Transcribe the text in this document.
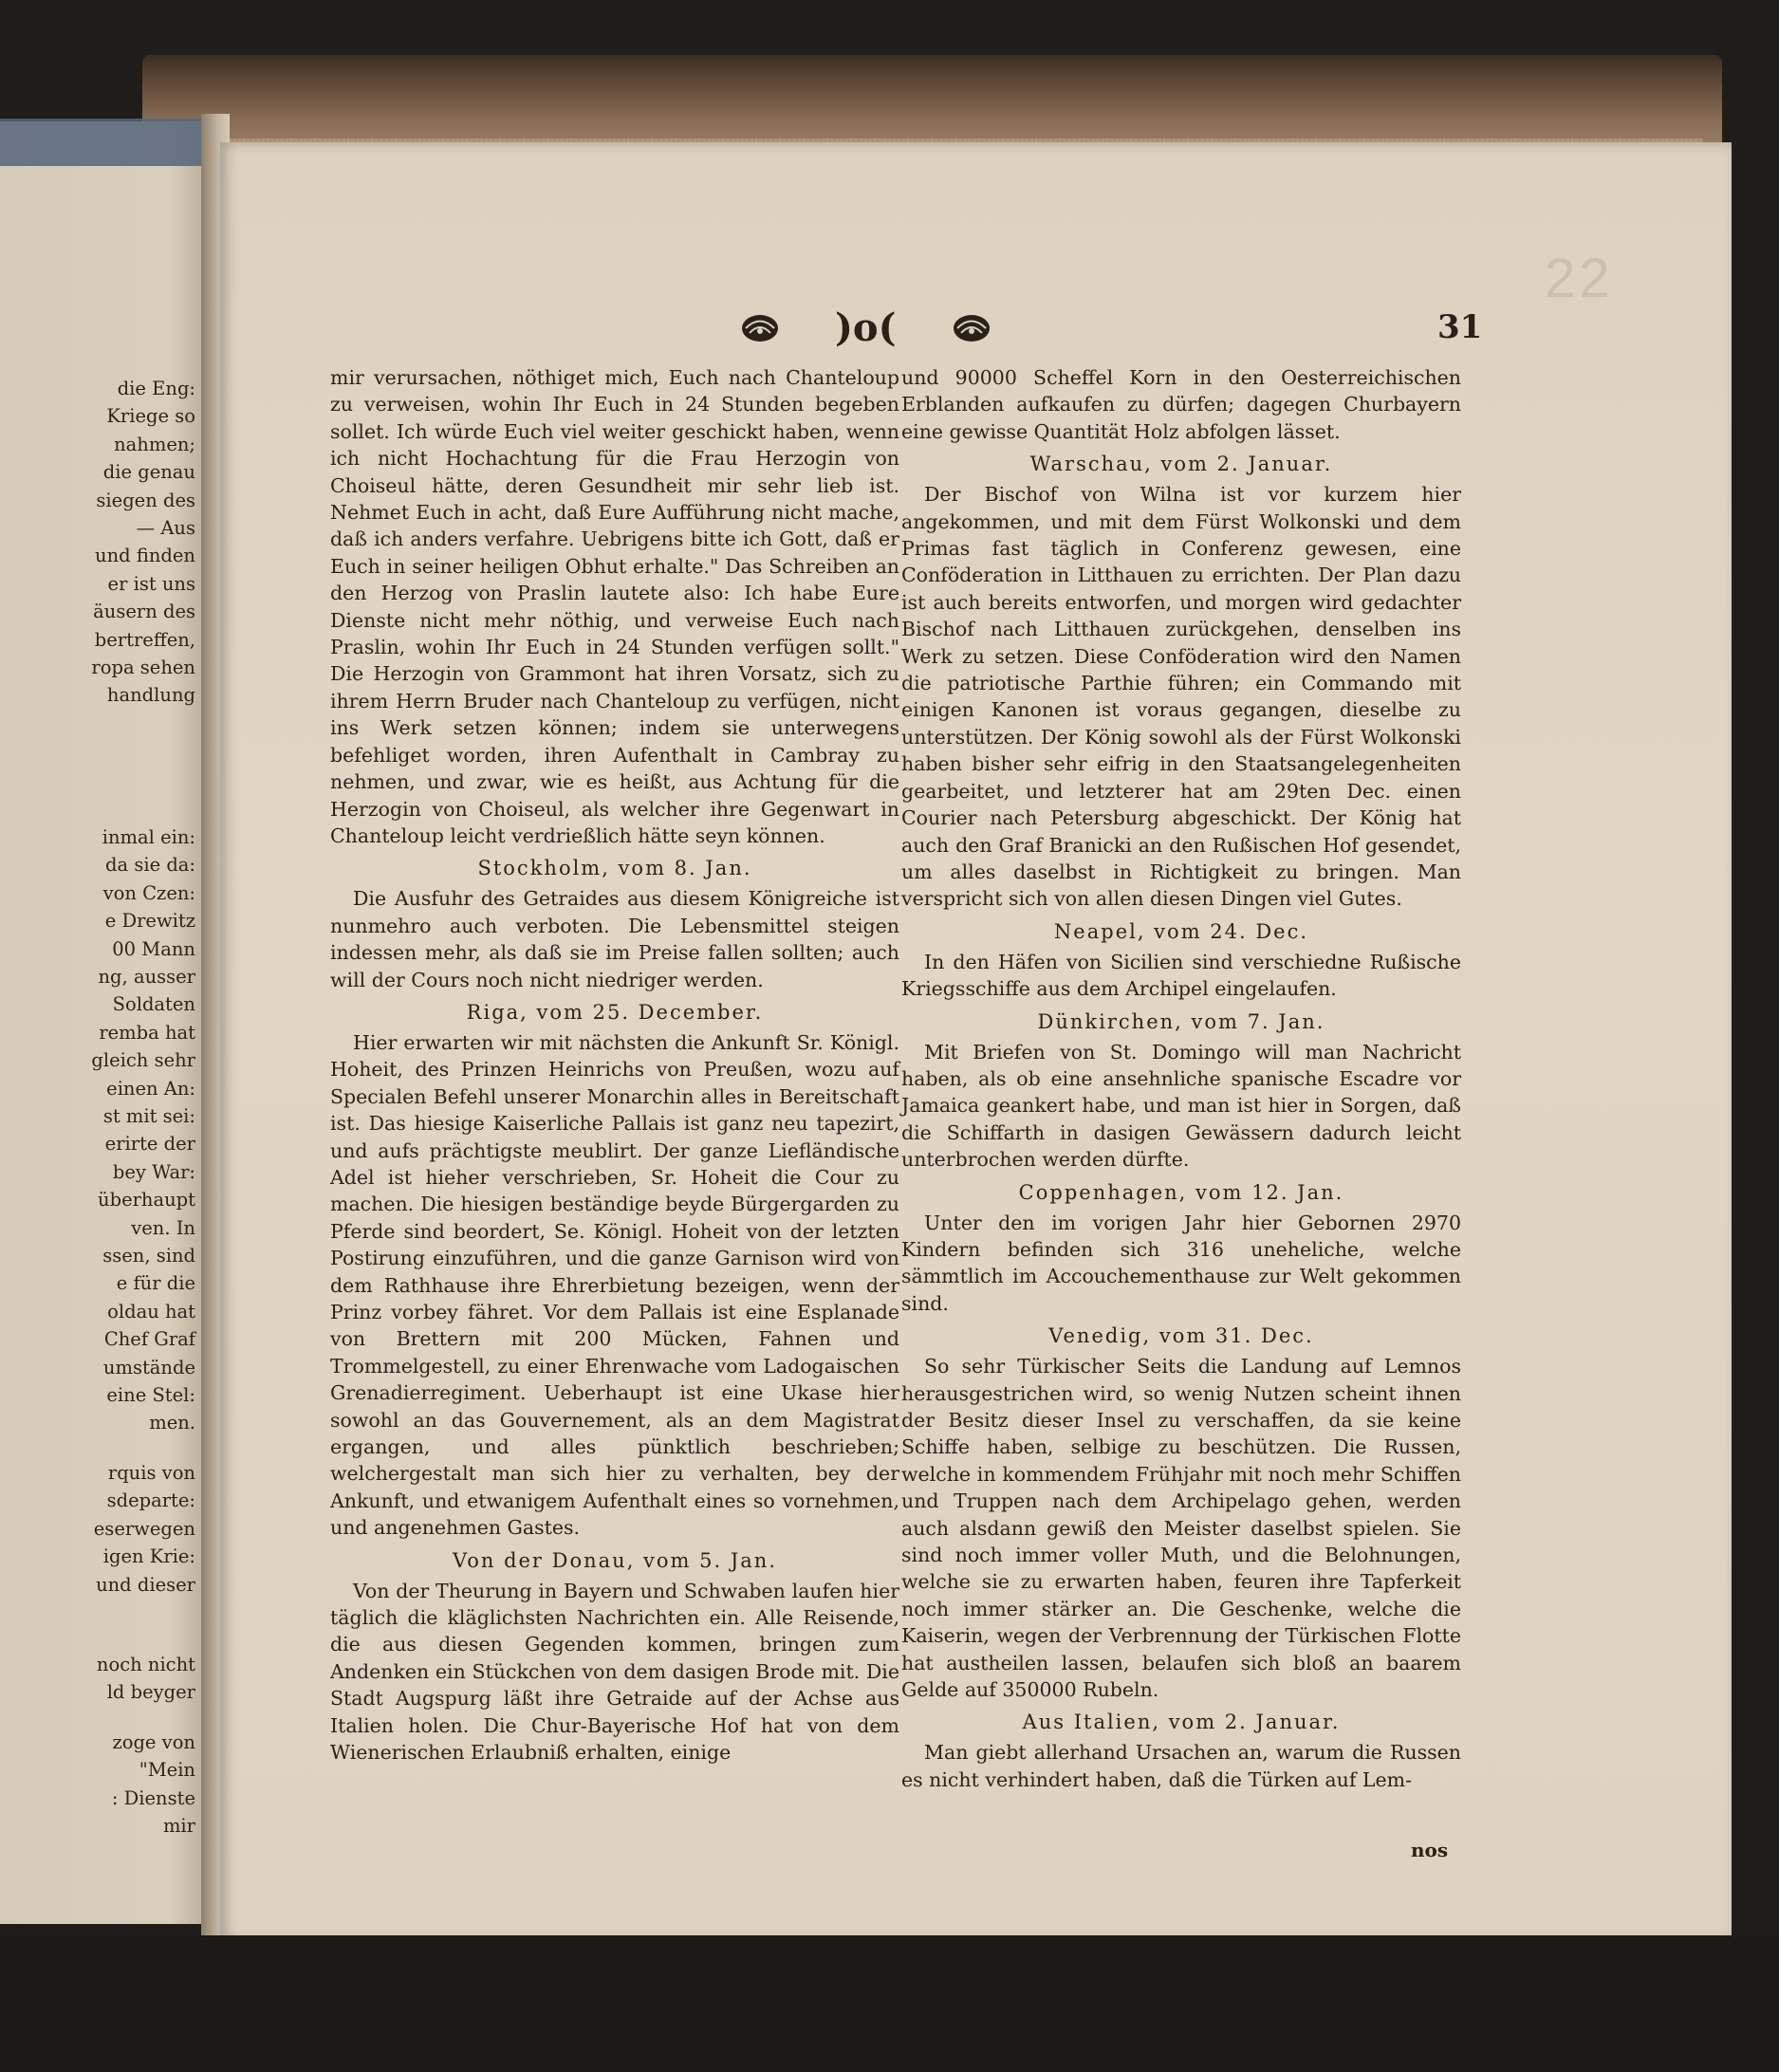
die Eng:
Kriege so
nahmen;
die genau
siegen des
— Aus
und finden
er ist uns
äusern des
bertreffen,
ropa sehen
handlung
inmal ein:
da sie da:
von Czen:
e Drewitz
00 Mann
ng, ausser
Soldaten
remba hat
gleich sehr
einen An:
st mit sei:
erirte der
bey War:
überhaupt
ven. In
ssen, sind
e für die
oldau hat
Chef Graf
umstände
eine Stel:
men.
rquis von
sdeparte:
eserwegen
igen Krie:
und dieser
noch nicht
ld beyger
zoge von
"Mein
: Dienste
mir
22
)o(	31

mir verursachen, nöthiget mich, Euch nach Chanteloup zu verweisen, wohin Ihr Euch in 24 Stunden begeben sollet. Ich würde Euch viel weiter geschickt haben, wenn ich nicht Hochachtung für die Frau Herzogin von Choiseul hätte, deren Gesundheit mir sehr lieb ist. Nehmet Euch in acht, daß Eure Aufführung nicht mache, daß ich anders verfahre. Uebrigens bitte ich Gott, daß er Euch in seiner heiligen Obhut erhalte." Das Schreiben an den Herzog von Praslin lautete also: Ich habe Eure Dienste nicht mehr nöthig, und verweise Euch nach Praslin, wohin Ihr Euch in 24 Stunden verfügen sollt." Die Herzogin von Grammont hat ihren Vorsatz, sich zu ihrem Herrn Bruder nach Chanteloup zu verfügen, nicht ins Werk setzen können; indem sie unterwegens befehliget worden, ihren Aufenthalt in Cambray zu nehmen, und zwar, wie es heißt, aus Achtung für die Herzogin von Choiseul, als welcher ihre Gegenwart in Chanteloup leicht verdrießlich hätte seyn können.

Stockholm, vom 8. Jan.

Die Ausfuhr des Getraides aus diesem Königreiche ist nunmehro auch verboten. Die Lebensmittel steigen indessen mehr, als daß sie im Preise fallen sollten; auch will der Cours noch nicht niedriger werden.

Riga, vom 25. December.

Hier erwarten wir mit nächsten die Ankunft Sr. Königl. Hoheit, des Prinzen Heinrichs von Preußen, wozu auf Specialen Befehl unserer Monarchin alles in Bereitschaft ist. Das hiesige Kaiserliche Pallais ist ganz neu tapezirt, und aufs prächtigste meublirt. Der ganze Liefländische Adel ist hieher verschrieben, Sr. Hoheit die Cour zu machen. Die hiesigen beständige beyde Bürgergarden zu Pferde sind beordert, Se. Königl. Hoheit von der letzten Postirung einzuführen, und die ganze Garnison wird von dem Rathhause ihre Ehrerbietung bezeigen, wenn der Prinz vorbey fähret. Vor dem Pallais ist eine Esplanade von Brettern mit 200 Mücken, Fahnen und Trommelgestell, zu einer Ehrenwache vom Ladogaischen Grenadierregiment. Ueberhaupt ist eine Ukase hier sowohl an das Gouvernement, als an dem Magistrat ergangen, und alles pünktlich beschrieben; welchergestalt man sich hier zu verhalten, bey der Ankunft, und etwanigem Aufenthalt eines so vornehmen, und angenehmen Gastes.

Von der Donau, vom 5. Jan.

Von der Theurung in Bayern und Schwaben laufen hier täglich die kläglichsten Nachrichten ein. Alle Reisende, die aus diesen Gegenden kommen, bringen zum Andenken ein Stückchen von dem dasigen Brode mit. Die Stadt Augspurg läßt ihre Getraide auf der Achse aus Italien holen. Die Chur-Bayerische Hof hat von dem Wienerischen Erlaubniß erhalten, einige

und 90000 Scheffel Korn in den Oesterreichischen Erblanden aufkaufen zu dürfen; dagegen Churbayern eine gewisse Quantität Holz abfolgen lässet.

Warschau, vom 2. Januar.

Der Bischof von Wilna ist vor kurzem hier angekommen, und mit dem Fürst Wolkonski und dem Primas fast täglich in Conferenz gewesen, eine Conföderation in Litthauen zu errichten. Der Plan dazu ist auch bereits entworfen, und morgen wird gedachter Bischof nach Litthauen zurückgehen, denselben ins Werk zu setzen. Diese Conföderation wird den Namen die patriotische Parthie führen; ein Commando mit einigen Kanonen ist voraus gegangen, dieselbe zu unterstützen. Der König sowohl als der Fürst Wolkonski haben bisher sehr eifrig in den Staatsangelegenheiten gearbeitet, und letzterer hat am 29ten Dec. einen Courier nach Petersburg abgeschickt. Der König hat auch den Graf Branicki an den Rußischen Hof gesendet, um alles daselbst in Richtigkeit zu bringen. Man verspricht sich von allen diesen Dingen viel Gutes.

Neapel, vom 24. Dec.

In den Häfen von Sicilien sind verschiedne Rußische Kriegsschiffe aus dem Archipel eingelaufen.

Dünkirchen, vom 7. Jan.

Mit Briefen von St. Domingo will man Nachricht haben, als ob eine ansehnliche spanische Escadre vor Jamaica geankert habe, und man ist hier in Sorgen, daß die Schiffarth in dasigen Gewässern dadurch leicht unterbrochen werden dürfte.

Coppenhagen, vom 12. Jan.

Unter den im vorigen Jahr hier Gebornen 2970 Kindern befinden sich 316 uneheliche, welche sämmtlich im Accouchementhause zur Welt gekommen sind.

Venedig, vom 31. Dec.

So sehr Türkischer Seits die Landung auf Lemnos herausgestrichen wird, so wenig Nutzen scheint ihnen der Besitz dieser Insel zu verschaffen, da sie keine Schiffe haben, selbige zu beschützen. Die Russen, welche in kommendem Frühjahr mit noch mehr Schiffen und Truppen nach dem Archipelago gehen, werden auch alsdann gewiß den Meister daselbst spielen. Sie sind noch immer voller Muth, und die Belohnungen, welche sie zu erwarten haben, feuren ihre Tapferkeit noch immer stärker an. Die Geschenke, welche die Kaiserin, wegen der Verbrennung der Türkischen Flotte hat austheilen lassen, belaufen sich bloß an baarem Gelde auf 350000 Rubeln.

Aus Italien, vom 2. Januar.

Man giebt allerhand Ursachen an, warum die Russen es nicht verhindert haben, daß die Türken auf Lem-

nos
